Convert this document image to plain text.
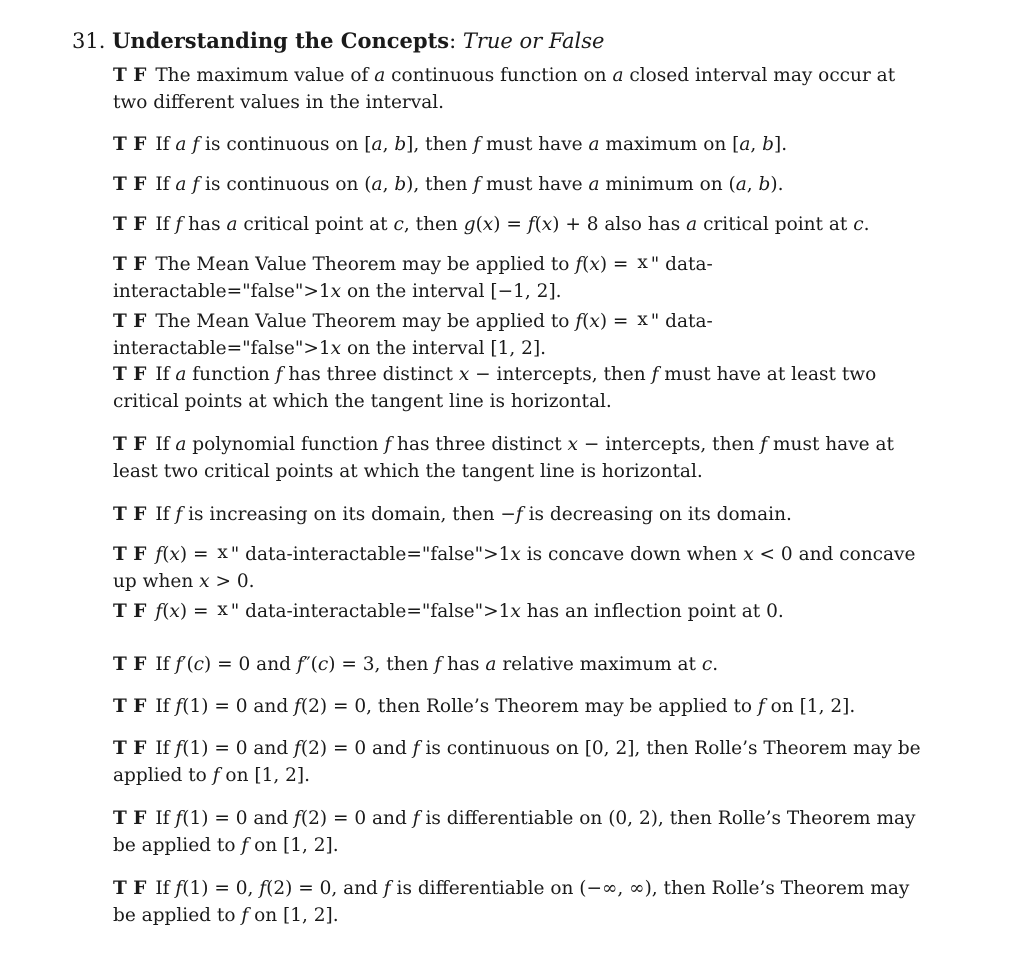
31. Understanding the Concepts: True or False
T F The maximum value of a continuous function on a closed interval may occur at two different values in the interval.
T F If a f is continuous on [a, b], then f must have a maximum on [a, b].
T F If a f is continuous on (a, b), then f must have a minimum on (a, b).
T F If f has a critical point at c, then g(x) = f(x) + 8 also has a critical point at c.
T F The Mean Value Theorem may be applied to f(x) = x " data-interactable="false">1x on the interval [−1, 2].
T F The Mean Value Theorem may be applied to f(x) = x " data-interactable="false">1x on the interval [1, 2].
T F If a function f has three distinct x − intercepts, then f must have at least two critical points at which the tangent line is horizontal.
T F If a polynomial function f has three distinct x − intercepts, then f must have at least two critical points at which the tangent line is horizontal.
T F If f is increasing on its domain, then −f is decreasing on its domain.
T F f(x) = x " data-interactable="false">1x is concave down when x < 0 and concave up when x > 0.
T F f(x) = x " data-interactable="false">1x has an inflection point at 0.
T F If f′(c) = 0 and f″(c) = 3, then f has a relative maximum at c.
T F If f(1) = 0 and f(2) = 0, then Rolle’s Theorem may be applied to f on [1, 2].
T F If f(1) = 0 and f(2) = 0 and f is continuous on [0, 2], then Rolle’s Theorem may be applied to f on [1, 2].
T F If f(1) = 0 and f(2) = 0 and f is differentiable on (0, 2), then Rolle’s Theorem may be applied to f on [1, 2].
T F If f(1) = 0, f(2) = 0, and f is differentiable on (−∞, ∞), then Rolle’s Theorem may be applied to f on [1, 2].
